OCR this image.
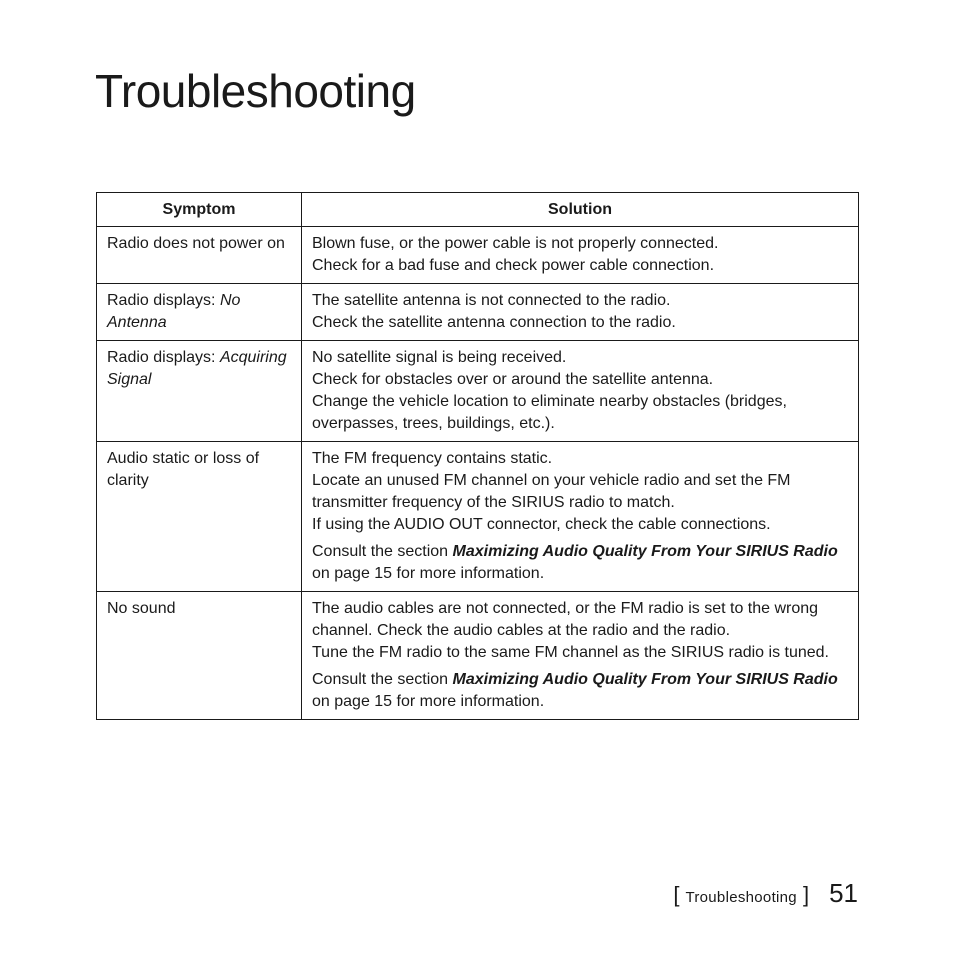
Troubleshooting
Symptom	Solution
Radio does not power on	Blown fuse, or the power cable is not properly connected.
Check for a bad fuse and check power cable connection.

Radio displays: No Antenna	The satellite antenna is not connected to the radio.
Check the satellite antenna connection to the radio.

Radio displays: Acquiring Signal	No satellite signal is being received.
Check for obstacles over or around the satellite antenna.
Change the vehicle location to eliminate nearby obstacles (bridges, overpasses, trees, buildings, etc.).

Audio static or loss of clarity	The FM frequency contains static.
Locate an unused FM channel on your vehicle radio and set the FM transmitter frequency of the SIRIUS radio to match.
If using the AUDIO OUT connector, check the cable connections.
Consult the section Maximizing Audio Quality From Your SIRIUS Radio on page 15 for more information.

No sound	The audio cables are not connected, or the FM radio is set to the wrong channel. Check the audio cables at the radio and the radio.
Tune the FM radio to the same FM channel as the SIRIUS radio is tuned.
Consult the section Maximizing Audio Quality From Your SIRIUS Radio on page 15 for more information.
[ Troubleshooting ] 51
